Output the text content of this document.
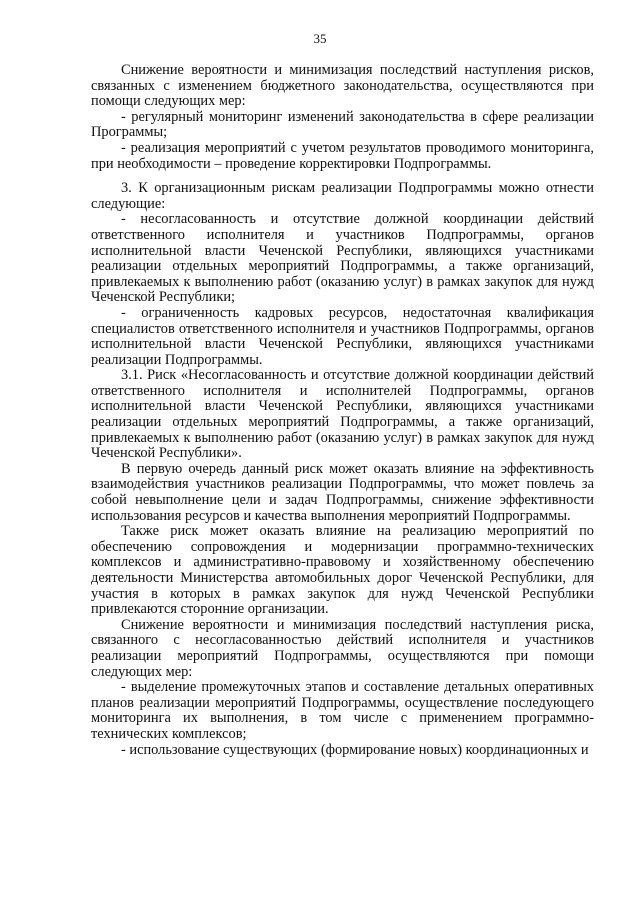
35

Снижение вероятности и минимизация последствий наступления рисков, связанных с изменением бюджетного законодательства, осуществляются при помощи следующих мер:

- регулярный мониторинг изменений законодательства в сфере реализации Программы;

- реализация мероприятий с учетом результатов проводимого мониторинга, при необходимости – проведение корректировки Подпрограммы.

3. К организационным рискам реализации Подпрограммы можно отнести следующие:

- несогласованность и отсутствие должной координации действий ответственного исполнителя и участников Подпрограммы, органов исполнительной власти Чеченской Республики, являющихся участниками реализации отдельных мероприятий Подпрограммы, а также организаций, привлекаемых к выполнению работ (оказанию услуг) в рамках закупок для нужд Чеченской Республики;

- ограниченность кадровых ресурсов, недостаточная квалификация специалистов ответственного исполнителя и участников Подпрограммы, органов исполнительной власти Чеченской Республики, являющихся участниками реализации Подпрограммы.

3.1. Риск «Несогласованность и отсутствие должной координации действий ответственного исполнителя и исполнителей Подпрограммы, органов исполнительной власти Чеченской Республики, являющихся участниками реализации отдельных мероприятий Подпрограммы, а также организаций, привлекаемых к выполнению работ (оказанию услуг) в рамках закупок для нужд Чеченской Республики».

В первую очередь данный риск может оказать влияние на эффективность взаимодействия участников реализации Подпрограммы, что может повлечь за собой невыполнение цели и задач Подпрограммы, снижение эффективности использования ресурсов и качества выполнения мероприятий Подпрограммы.

Также риск может оказать влияние на реализацию мероприятий по обеспечению сопровождения и модернизации программно-технических комплексов и административно-правовому и хозяйственному обеспечению деятельности Министерства автомобильных дорог Чеченской Республики, для участия в которых в рамках закупок для нужд Чеченской Республики привлекаются сторонние организации.

Снижение вероятности и минимизация последствий наступления риска, связанного с несогласованностью действий исполнителя и участников реализации мероприятий Подпрограммы, осуществляются при помощи следующих мер:

- выделение промежуточных этапов и составление детальных оперативных планов реализации мероприятий Подпрограммы, осуществление последующего мониторинга их выполнения, в том числе с применением программно-технических комплексов;

- использование существующих (формирование новых) координационных и
